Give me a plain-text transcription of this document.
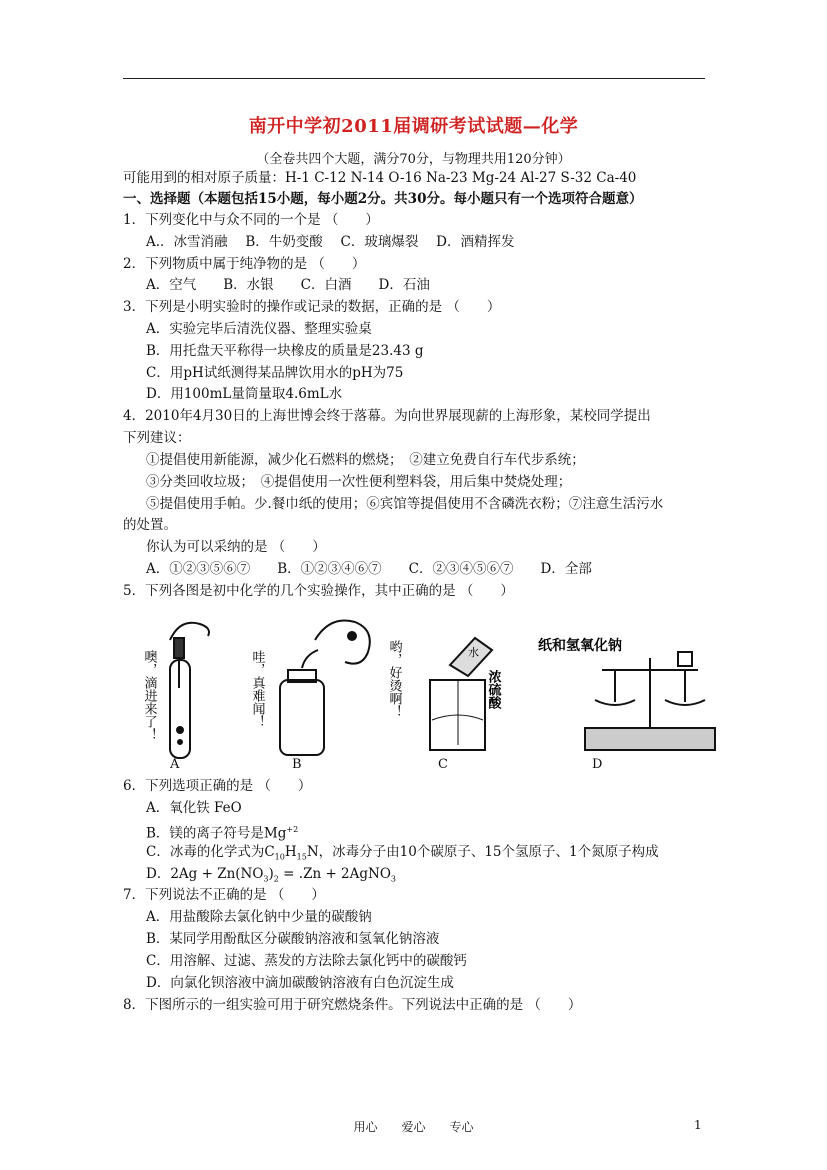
南开中学初2011届调研考试试题—化学
（全卷共四个大题，满分70分，与物理共用120分钟）
可能用到的相对原子质量：H-1 C-12 N-14 O-16 Na-23 Mg-24 Al-27 S-32 Ca-40
一、选择题（本题包括15小题，每小题2分。共30分。每小题只有一个选项符合题意）
1．下列变化中与众不同的一个是 （　　）
A.．冰雪消融　 B．牛奶变酸　 C．玻璃爆裂　 D．酒精挥发
2．下列物质中属于纯净物的是 （　　）
A．空气　　B．水银　　C．白酒　　D．石油
3．下列是小明实验时的操作或记录的数据，正确的是 （　　）
A．实验完毕后清洗仪器、整理实验桌
B．用托盘天平称得一块橡皮的质量是23.43 g
C．用pH试纸测得某品牌饮用水的pH为75
D．用100mL量筒量取4.6mL水
4．2010年4月30日的上海世博会终于落幕。为向世界展现薪的上海形象，某校同学提出
下列建议：
①提倡使用新能源，减少化石燃料的燃烧；　②建立免费自行车代步系统；
③分类回收垃圾；　④提倡使用一次性便利塑料袋，用后集中焚烧处理；
⑤提倡使用手帕。少.餐巾纸的使用；⑥宾馆等提倡使用不含磷洗衣粉；⑦注意生活污水
的处置。
你认为可以采纳的是 （　　）
A．①②③⑤⑥⑦　　B．①②③④⑥⑦　　C．②③④⑤⑥⑦　　D．全部
5．下列各图是初中化学的几个实验操作，其中正确的是 （　　）
噢，滴进来了！	哇，真难闻！	哟，好烫啊！	浓硫酸
水	纸和氢氧化钠
A	B	C	D
6．下列选项正确的是 （　　）
A．氧化铁 FeO
B．镁的离子符号是$Mg^{+2}$
C．冰毒的化学式为$C_{10}H_{15}N$，冰毒分子由10个碳原子、15个氢原子、1个氮原子构成
D．$2Ag + Zn(NO_3)_2 = .Zn$ + 2AgNO$_3$
7．下列说法不正确的是 （　　）
A．用盐酸除去氯化钠中少量的碳酸钠
B．某同学用酚酞区分碳酸钠溶液和氢氧化钠溶液
C．用溶解、过滤、蒸发的方法除去氯化钙中的碳酸钙
D．向氯化钡溶液中滴加碳酸钠溶液有白色沉淀生成
8．下图所示的一组实验可用于研究燃烧条件。下列说法中正确的是 （　　）
用心　　爱心　　专心	1
